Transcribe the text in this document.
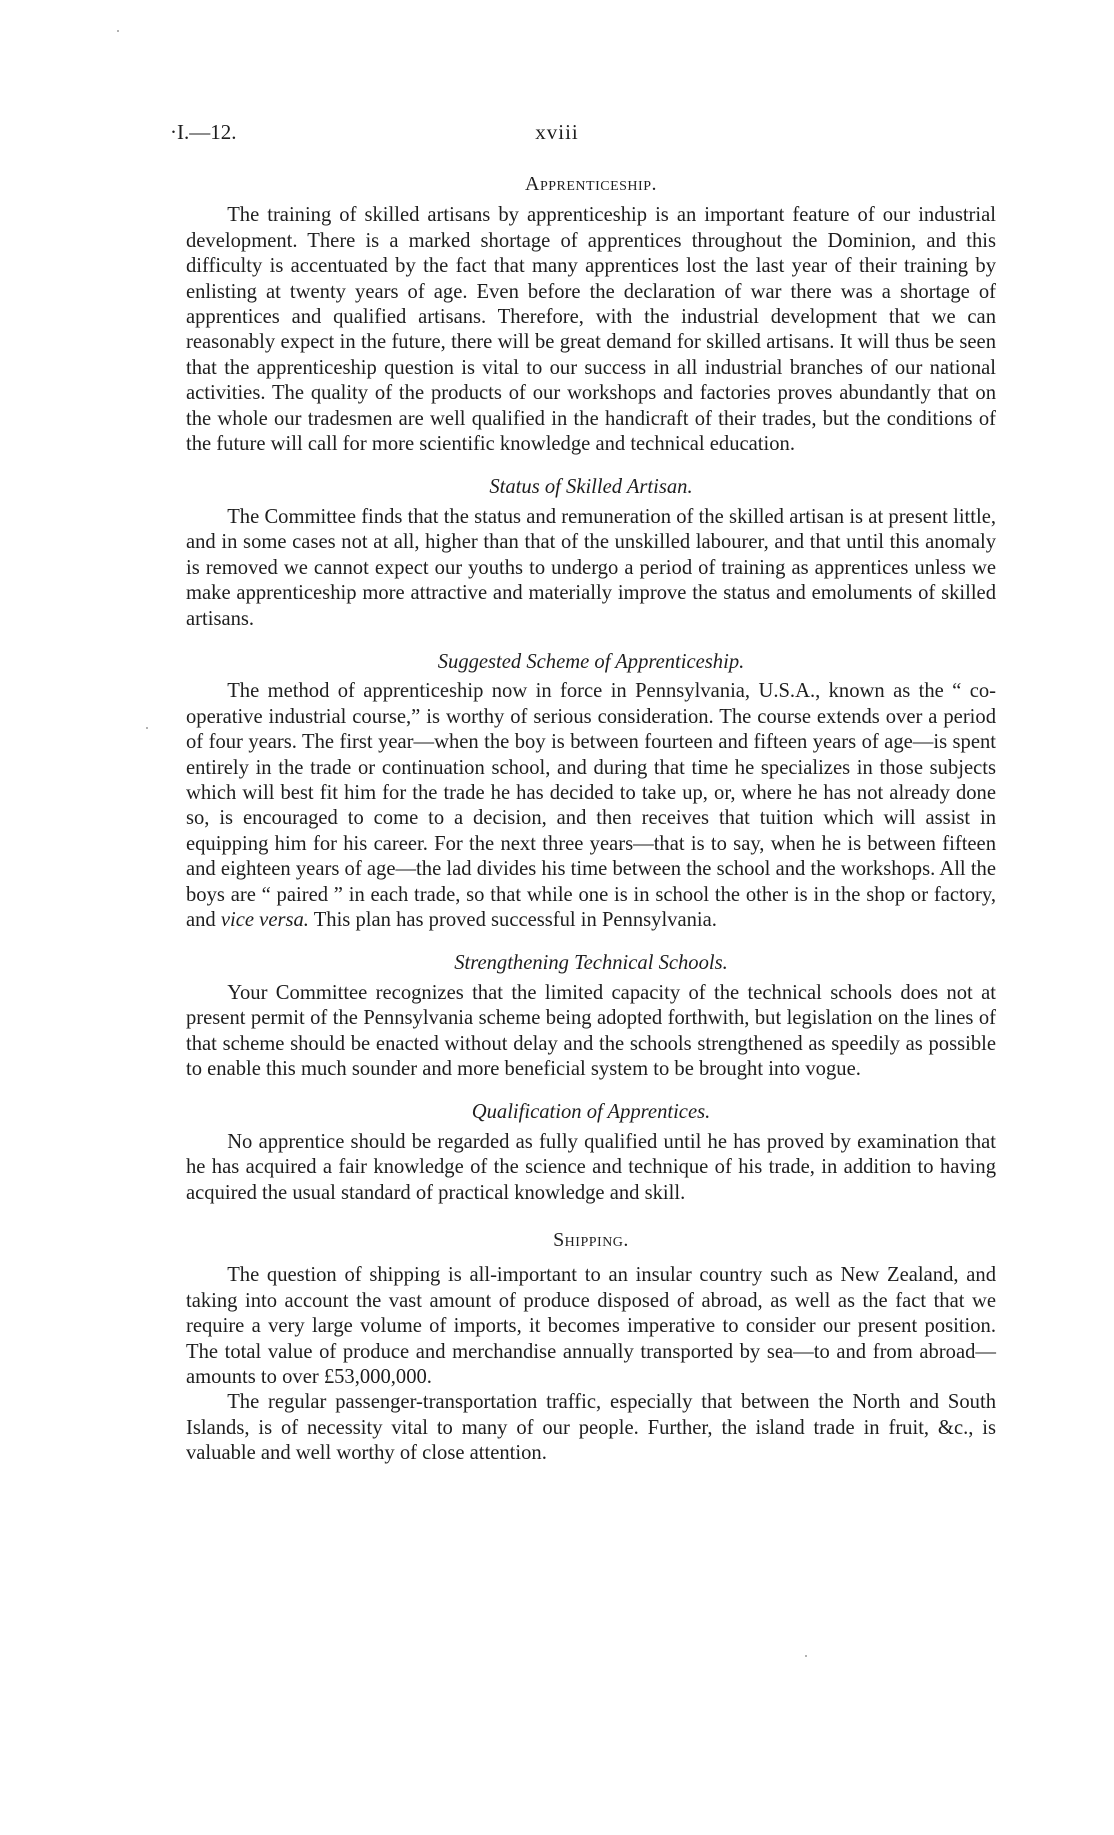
·I.—12.	xviii
Apprenticeship.

The training of skilled artisans by apprenticeship is an important feature of our industrial development. There is a marked shortage of apprentices throughout the Dominion, and this difficulty is accentuated by the fact that many apprentices lost the last year of their training by enlisting at twenty years of age. Even before the declaration of war there was a shortage of apprentices and qualified artisans. Therefore, with the industrial development that we can reasonably expect in the future, there will be great demand for skilled artisans. It will thus be seen that the apprenticeship question is vital to our success in all industrial branches of our national activities. The quality of the products of our workshops and factories proves abundantly that on the whole our tradesmen are well qualified in the handicraft of their trades, but the conditions of the future will call for more scientific knowledge and technical education.

Status of Skilled Artisan.

The Committee finds that the status and remuneration of the skilled artisan is at present little, and in some cases not at all, higher than that of the unskilled labourer, and that until this anomaly is removed we cannot expect our youths to undergo a period of training as apprentices unless we make apprenticeship more attractive and materially improve the status and emoluments of skilled artisans.

Suggested Scheme of Apprenticeship.

The method of apprenticeship now in force in Pennsylvania, U.S.A., known as the “ co-operative industrial course,” is worthy of serious consideration. The course extends over a period of four years. The first year—when the boy is between fourteen and fifteen years of age—is spent entirely in the trade or continuation school, and during that time he specializes in those subjects which will best fit him for the trade he has decided to take up, or, where he has not already done so, is encouraged to come to a decision, and then receives that tuition which will assist in equipping him for his career. For the next three years—that is to say, when he is between fifteen and eighteen years of age—the lad divides his time between the school and the workshops. All the boys are “ paired ” in each trade, so that while one is in school the other is in the shop or factory, and vice versa. This plan has proved successful in Pennsylvania.

Strengthening Technical Schools.

Your Committee recognizes that the limited capacity of the technical schools does not at present permit of the Pennsylvania scheme being adopted forthwith, but legislation on the lines of that scheme should be enacted without delay and the schools strengthened as speedily as possible to enable this much sounder and more beneficial system to be brought into vogue.

Qualification of Apprentices.

No apprentice should be regarded as fully qualified until he has proved by examination that he has acquired a fair knowledge of the science and technique of his trade, in addition to having acquired the usual standard of practical knowledge and skill.

Shipping.

The question of shipping is all-important to an insular country such as New Zealand, and taking into account the vast amount of produce disposed of abroad, as well as the fact that we require a very large volume of imports, it becomes imperative to consider our present position. The total value of produce and merchandise annually transported by sea—to and from abroad—amounts to over £53,000,000.

The regular passenger-transportation traffic, especially that between the North and South Islands, is of necessity vital to many of our people. Further, the island trade in fruit, &c., is valuable and well worthy of close attention.
